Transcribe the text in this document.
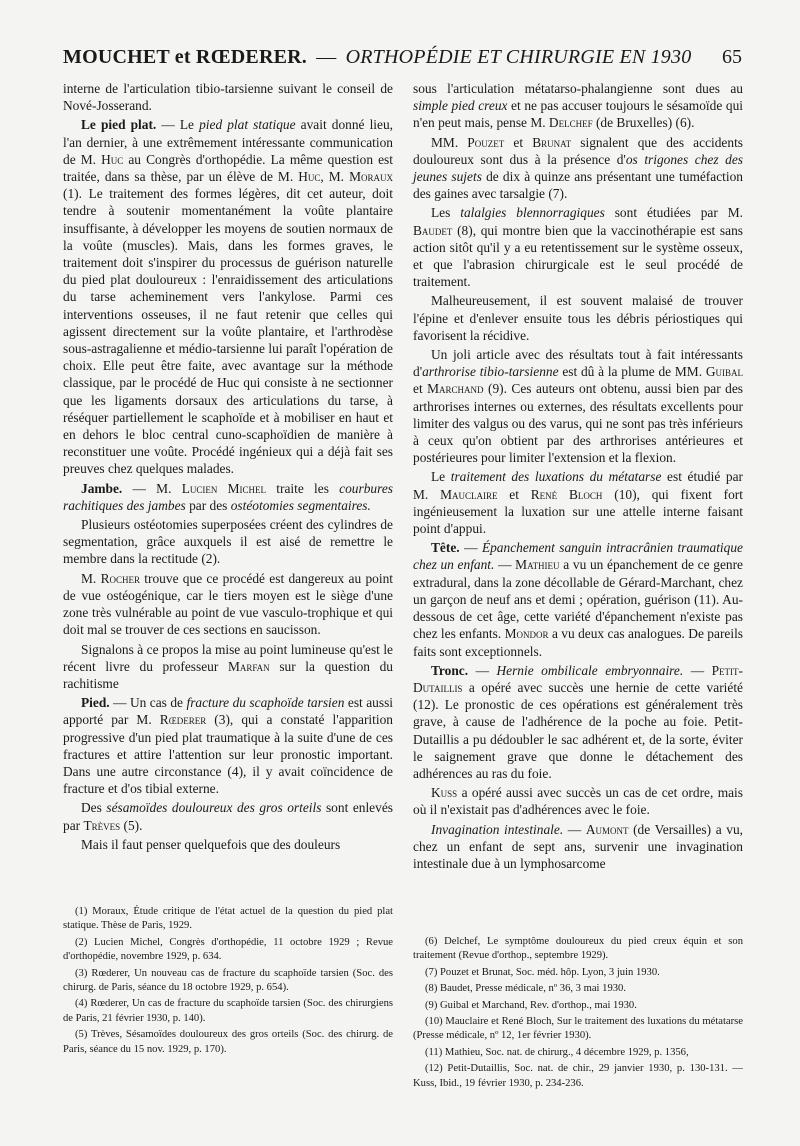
MOUCHET et RŒDERER. — ORTHOPÉDIE ET CHIRURGIE EN 1930 65

interne de l'articulation tibio-tarsienne suivant le conseil de Nové-Josserand.

Le pied plat. — Le pied plat statique avait donné lieu, l'an dernier, à une extrêmement intéressante communication de M. Huc au Congrès d'orthopédie. La même question est traitée, dans sa thèse, par un élève de M. Huc, M. Moraux (1). Le traitement des formes légères, dit cet auteur, doit tendre à soutenir momentanément la voûte plantaire insuffisante, à développer les moyens de soutien normaux de la voûte (muscles). Mais, dans les formes graves, le traitement doit s'inspirer du processus de guérison naturelle du pied plat douloureux : l'enraidissement des articulations du tarse acheminement vers l'ankylose. Parmi ces interventions osseuses, il ne faut retenir que celles qui agissent directement sur la voûte plantaire, et l'arthrodèse sous-astragalienne et médio-tarsienne lui paraît l'opération de choix. Elle peut être faite, avec avantage sur la méthode classique, par le procédé de Huc qui consiste à ne sectionner que les ligaments dorsaux des articulations du tarse, à réséquer partiellement le scaphoïde et à mobiliser en haut et en dehors le bloc central cuno-scaphoïdien de manière à reconstituer une voûte. Procédé ingénieux qui a déjà fait ses preuves chez quelques malades.

Jambe. — M. Lucien Michel traite les courbures rachitiques des jambes par des ostéotomies segmentaires.

Plusieurs ostéotomies superposées créent des cylindres de segmentation, grâce auxquels il est aisé de remettre le membre dans la rectitude (2).

M. Rocher trouve que ce procédé est dangereux au point de vue ostéogénique, car le tiers moyen est le siège d'une zone très vulnérable au point de vue vasculo-trophique et qui doit mal se trouver de ces sections en saucisson.

Signalons à ce propos la mise au point lumineuse qu'est le récent livre du professeur Marfan sur la question du rachitisme

Pied. — Un cas de fracture du scaphoïde tarsien est aussi apporté par M. Rœderer (3), qui a constaté l'apparition progressive d'un pied plat traumatique à la suite d'une de ces fractures et attire l'attention sur leur pronostic important. Dans une autre circonstance (4), il y avait coïncidence de fracture et d'os tibial externe.

Des sésamoïdes douloureux des gros orteils sont enlevés par Trèves (5).

Mais il faut penser quelquefois que des douleurs

sous l'articulation métatarso-phalangienne sont dues au simple pied creux et ne pas accuser toujours le sésamoïde qui n'en peut mais, pense M. Delchef (de Bruxelles) (6).

MM. Pouzet et Brunat signalent que des accidents douloureux sont dus à la présence d'os trigones chez des jeunes sujets de dix à quinze ans présentant une tuméfaction des gaines avec tarsalgie (7).

Les talalgies blennorragiques sont étudiées par M. Baudet (8), qui montre bien que la vaccinothérapie est sans action sitôt qu'il y a eu retentissement sur le système osseux, et que l'abrasion chirurgicale est le seul procédé de traitement.

Malheureusement, il est souvent malaisé de trouver l'épine et d'enlever ensuite tous les débris périostiques qui favorisent la récidive.

Un joli article avec des résultats tout à fait intéressants d'arthrorise tibio-tarsienne est dû à la plume de MM. Guibal et Marchand (9). Ces auteurs ont obtenu, aussi bien par des arthrorises internes ou externes, des résultats excellents pour limiter des valgus ou des varus, qui ne sont pas très inférieurs à ceux qu'on obtient par des arthrorises antérieures et postérieures pour limiter l'extension et la flexion.

Le traitement des luxations du métatarse est étudié par M. Mauclaire et René Bloch (10), qui fixent fort ingénieusement la luxation sur une attelle interne faisant point d'appui.

Tête. — Épanchement sanguin intracrânien traumatique chez un enfant. — Mathieu a vu un épanchement de ce genre extradural, dans la zone décollable de Gérard-Marchant, chez un garçon de neuf ans et demi ; opération, guérison (11). Au-dessous de cet âge, cette variété d'épanchement n'existe pas chez les enfants. Mondor a vu deux cas analogues. De pareils faits sont exceptionnels.

Tronc. — Hernie ombilicale embryonnaire. — Petit-Dutaillis a opéré avec succès une hernie de cette variété (12). Le pronostic de ces opérations est généralement très grave, à cause de l'adhérence de la poche au foie. Petit-Dutaillis a pu dédoubler le sac adhérent et, de la sorte, éviter le saignement grave que donne le détachement des adhérences au ras du foie.

Kuss a opéré aussi avec succès un cas de cet ordre, mais où il n'existait pas d'adhérences avec le foie.

Invagination intestinale. — Aumont (de Versailles) a vu, chez un enfant de sept ans, survenir une invagination intestinale due à un lymphosarcome

(1) Moraux, Étude critique de l'état actuel de la question du pied plat statique. Thèse de Paris, 1929.

(2) Lucien Michel, Congrès d'orthopédie, 11 octobre 1929 ; Revue d'orthopédie, novembre 1929, p. 634.

(3) Rœderer, Un nouveau cas de fracture du scaphoïde tarsien (Soc. des chirurg. de Paris, séance du 18 octobre 1929, p. 654).

(4) Rœderer, Un cas de fracture du scaphoïde tarsien (Soc. des chirurgiens de Paris, 21 février 1930, p. 140).

(5) Trèves, Sésamoïdes douloureux des gros orteils (Soc. des chirurg. de Paris, séance du 15 nov. 1929, p. 170).

(6) Delchef, Le symptôme douloureux du pied creux équin et son traitement (Revue d'orthop., septembre 1929).

(7) Pouzet et Brunat, Soc. méd. hôp. Lyon, 3 juin 1930.

(8) Baudet, Presse médicale, nº 36, 3 mai 1930.

(9) Guibal et Marchand, Rev. d'orthop., mai 1930.

(10) Mauclaire et René Bloch, Sur le traitement des luxations du métatarse (Presse médicale, nº 12, 1er février 1930).

(11) Mathieu, Soc. nat. de chirurg., 4 décembre 1929, p. 1356,

(12) Petit-Dutaillis, Soc. nat. de chir., 29 janvier 1930, p. 130-131. — Kuss, Ibid., 19 février 1930, p. 234-236.
